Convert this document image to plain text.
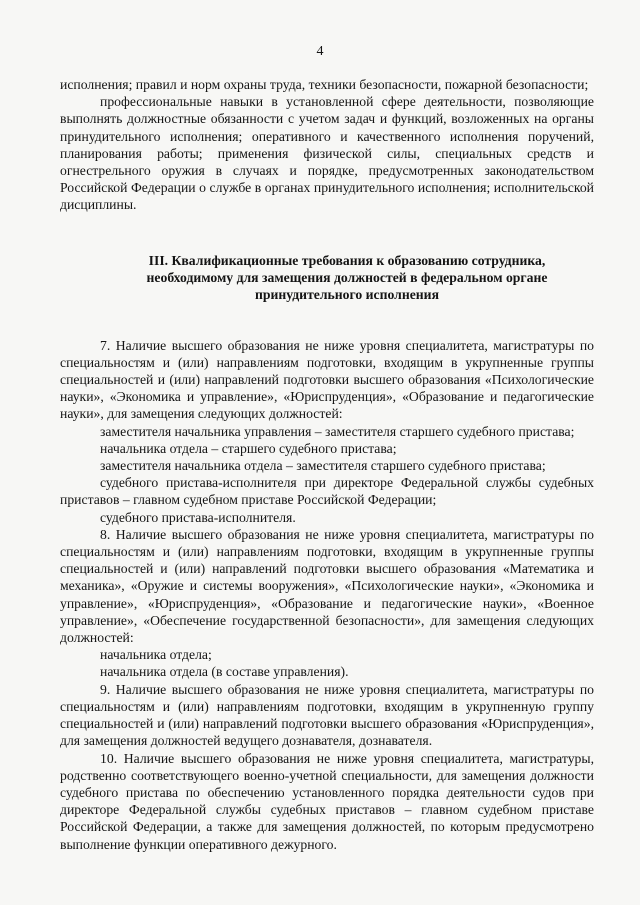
4

исполнения; правил и норм охраны труда, техники безопасности, пожарной безопасности;

профессиональные навыки в установленной сфере деятельности, позволяющие выполнять должностные обязанности с учетом задач и функций, возложенных на органы принудительного исполнения; оперативного и качественного исполнения поручений, планирования работы; применения физической силы, специальных средств и огнестрельного оружия в случаях и порядке, предусмотренных законодательством Российской Федерации о службе в органах принудительного исполнения; исполнительской дисциплины.

III. Квалификационные требования к образованию сотрудника,
необходимому для замещения должностей в федеральном органе
принудительного исполнения

7. Наличие высшего образования не ниже уровня специалитета, магистратуры по специальностям и (или) направлениям подготовки, входящим в укрупненные группы специальностей и (или) направлений подготовки высшего образования «Психологические науки», «Экономика и управление», «Юриспруденция», «Образование и педагогические науки», для замещения следующих должностей:

заместителя начальника управления – заместителя старшего судебного пристава;

начальника отдела – старшего судебного пристава;

заместителя начальника отдела – заместителя старшего судебного пристава;

судебного пристава-исполнителя при директоре Федеральной службы судебных приставов – главном судебном приставе Российской Федерации;

судебного пристава-исполнителя.

8. Наличие высшего образования не ниже уровня специалитета, магистратуры по специальностям и (или) направлениям подготовки, входящим в укрупненные группы специальностей и (или) направлений подготовки высшего образования «Математика и механика», «Оружие и системы вооружения», «Психологические науки», «Экономика и управление», «Юриспруденция», «Образование и педагогические науки», «Военное управление», «Обеспечение государственной безопасности», для замещения следующих должностей:

начальника отдела;

начальника отдела (в составе управления).

9. Наличие высшего образования не ниже уровня специалитета, магистратуры по специальностям и (или) направлениям подготовки, входящим в укрупненную группу специальностей и (или) направлений подготовки высшего образования «Юриспруденция», для замещения должностей ведущего дознавателя, дознавателя.

10. Наличие высшего образования не ниже уровня специалитета, магистратуры, родственно соответствующего военно-учетной специальности, для замещения должности судебного пристава по обеспечению установленного порядка деятельности судов при директоре Федеральной службы судебных приставов – главном судебном приставе Российской Федерации, а также для замещения должностей, по которым предусмотрено выполнение функции оперативного дежурного.
